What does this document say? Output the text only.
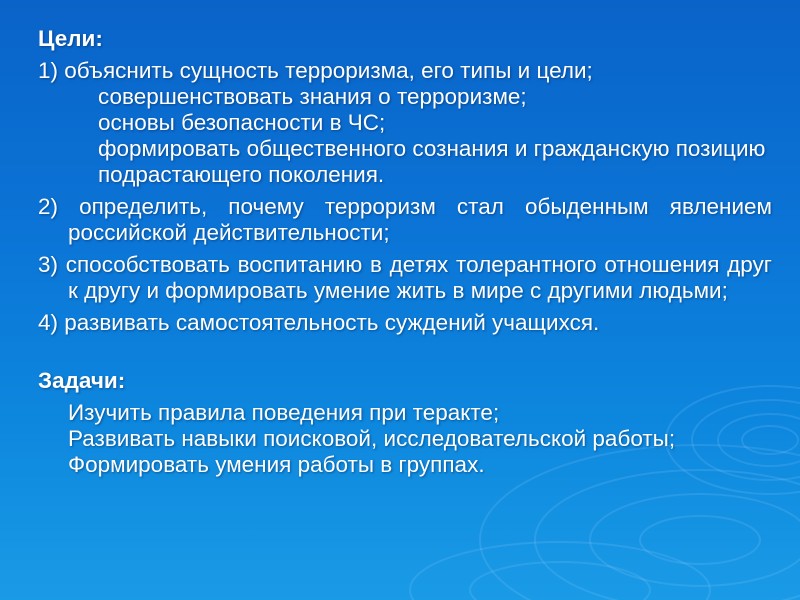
Цели:
1) объяснить сущность терроризма, его типы и цели;
совершенствовать знания о терроризме;
основы безопасности в ЧС;
формировать общественного сознания и гражданскую позицию подрастающего поколения.
2) определить, почему терроризм стал обыденным явлением российской действительности;
3) способствовать воспитанию в детях толерантного отношения друг к другу и формировать умение жить в мире с другими людьми;
4) развивать самостоятельность суждений учащихся.
Задачи:
Изучить правила поведения при теракте;
Развивать навыки поисковой, исследовательской работы;
Формировать умения работы в группах.
